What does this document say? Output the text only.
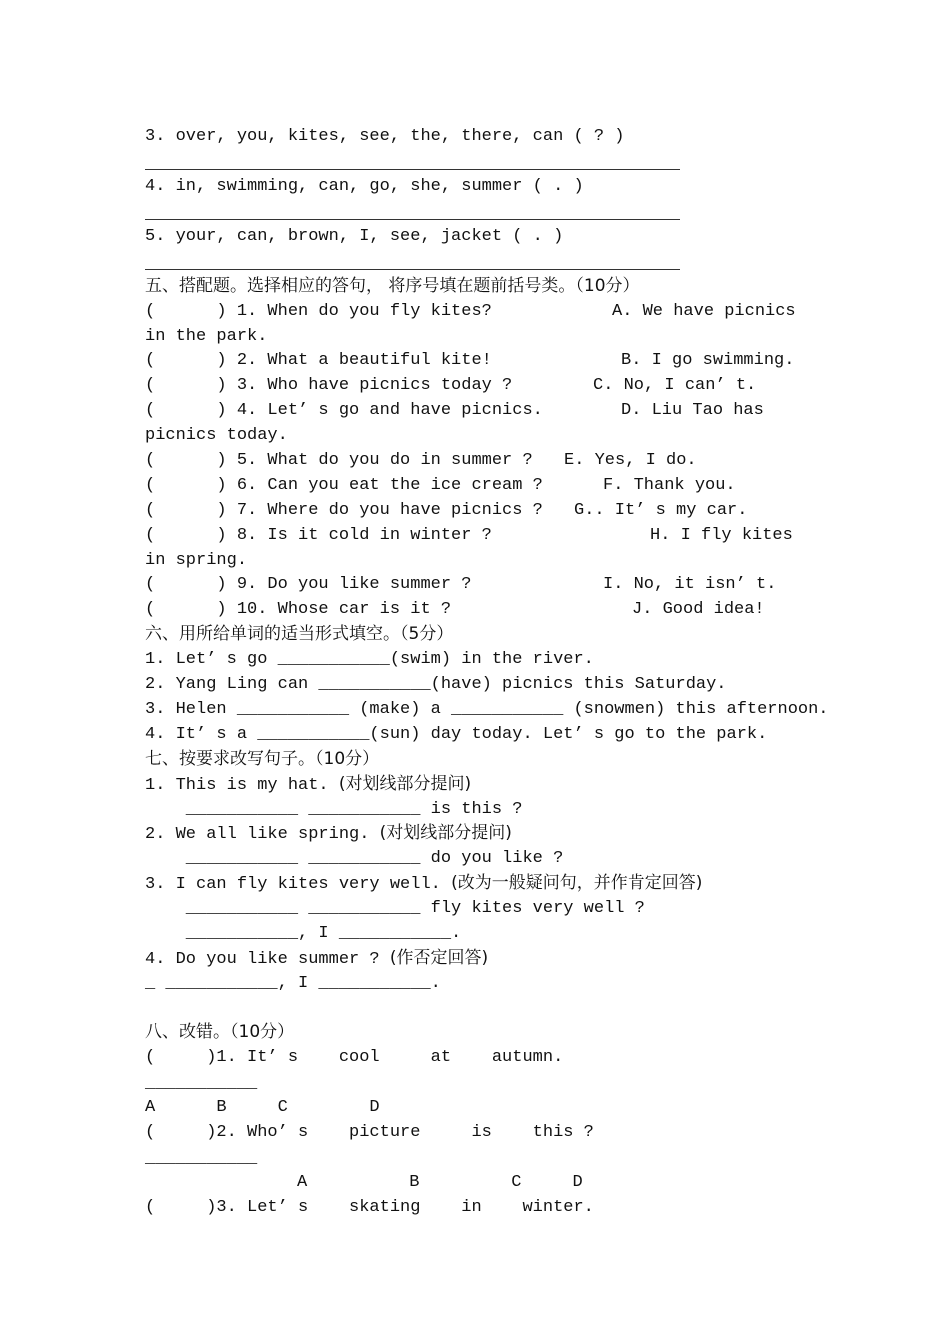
3. over, you, kites, see, the, there, can ( ? )
4. in, swimming, can, go, she, summer ( . )
5. your, can, brown, I, see, jacket ( . )
五、搭配题。选择相应的答句， 将序号填在题前括号类。（10分）
(      ) 1. When do you fly kites?	A. We have picnics
in the park.
(      ) 2. What a beautiful kite!	B. I go swimming.
(      ) 3. Who have picnics today ?	C. No, I can’ t.
(      ) 4. Let’ s go and have picnics.	D. Liu Tao has
picnics today.
(      ) 5. What do you do in summer ? E. Yes, I do.
(      ) 6. Can you eat the ice cream ?	F. Thank you.
(      ) 7. Where do you have picnics ? G.. It’ s my car.
(      ) 8. Is it cold in winter ?	H. I fly kites
in spring.
(      ) 9. Do you like summer ?	I. No, it isn’ t.
(      ) 10. Whose car is it ?	J. Good idea!
六、用所给单词的适当形式填空。（5分）
1. Let’ s go ___________(swim) in the river.
2. Yang Ling can ___________(have) picnics this Saturday.
3. Helen ___________ (make) a ___________ (snowmen) this afternoon.
4. It’ s a ___________(sun) day today. Let’ s go to the park.
七、按要求改写句子。（10分）
1. This is my hat. (对划线部分提问)
___________ ___________ is this ?
2. We all like spring. (对划线部分提问)
___________ ___________ do you like ?
3. I can fly kites very well. (改为一般疑问句，并作肯定回答)
___________ ___________ fly kites very well ?
___________, I ___________.
4. Do you like summer ? (作否定回答)
_ ___________, I ___________.
八、改错。（10分）
(     )1. It’ s    cool     at    autumn.
___________
A      B     C        D
(     )2. Who’ s    picture     is    this ?
___________
A          B         C     D
(     )3. Let’ s    skating    in    winter.
